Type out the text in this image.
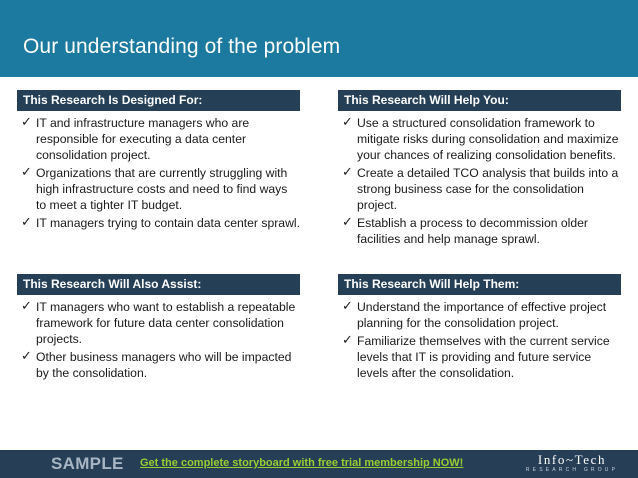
Our understanding of the problem
This Research Is Designed For:
✓ IT and infrastructure managers who are responsible for executing a data center consolidation project.
✓ Organizations that are currently struggling with high infrastructure costs and need to find ways to meet a tighter IT budget.
✓ IT managers trying to contain data center sprawl.
This Research Will Help You:
✓ Use a structured consolidation framework to mitigate risks during consolidation and maximize your chances of realizing consolidation benefits.
✓ Create a detailed TCO analysis that builds into a strong business case for the consolidation project.
✓ Establish a process to decommission older facilities and help manage sprawl.
This Research Will Also Assist:
✓ IT managers who want to establish a repeatable framework for future data center consolidation projects.
✓ Other business managers who will be impacted by the consolidation.
This Research Will Help Them:
✓ Understand the importance of effective project planning for the consolidation project.
✓ Familiarize themselves with the current service levels that IT is providing and future service levels after the consolidation.
SAMPLE Get the complete storyboard with free trial membership NOW!	Info~Tech
RESEARCH GROUP
